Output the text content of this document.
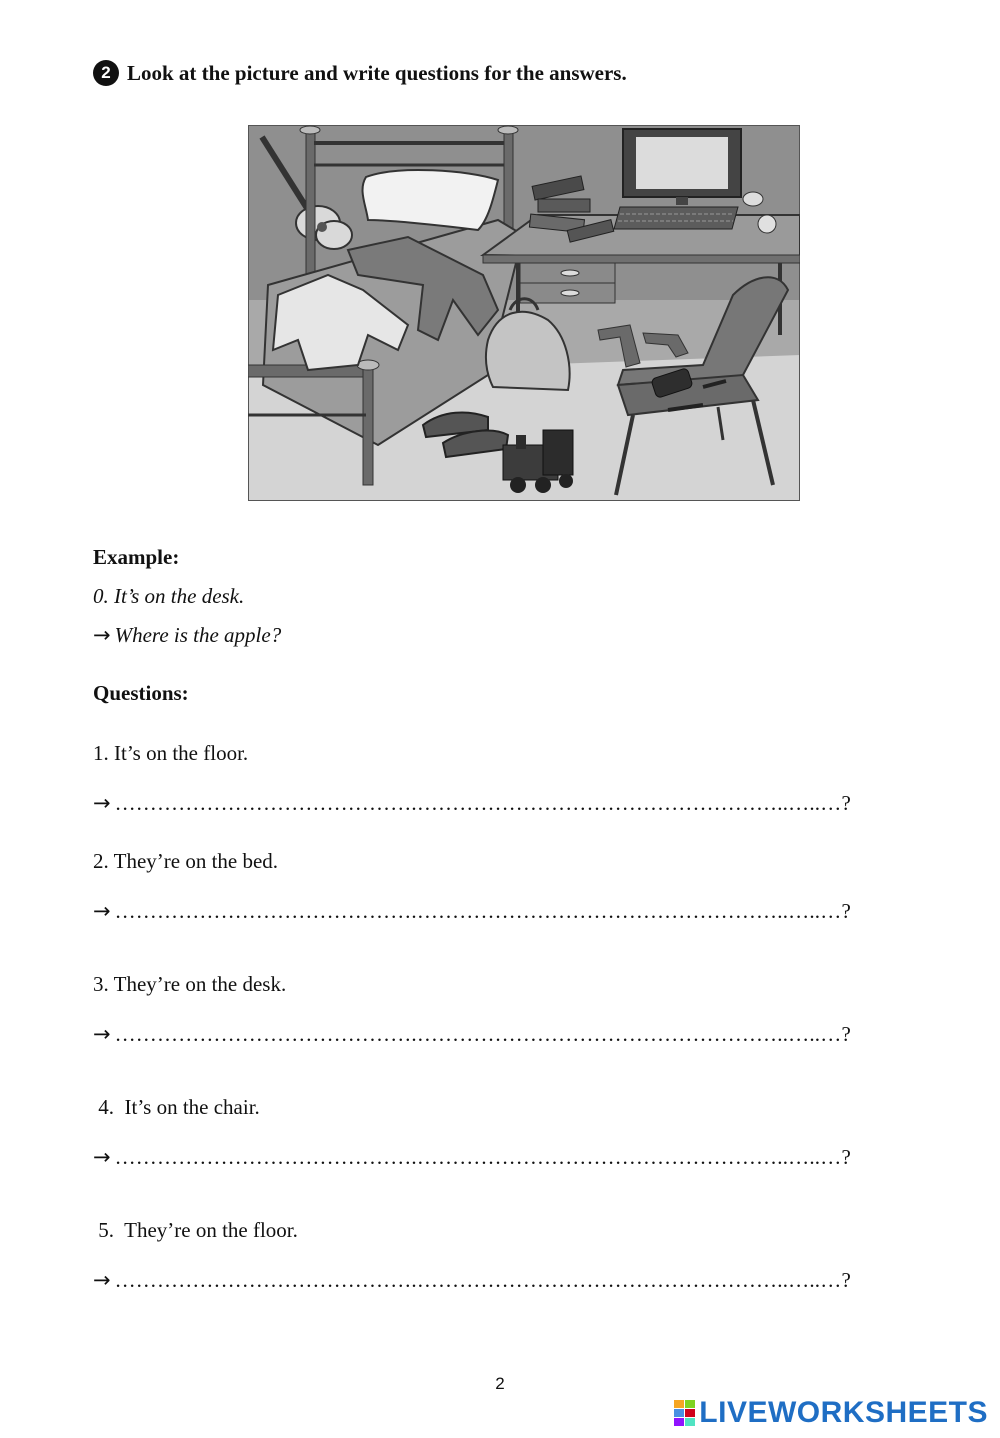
2 Look at the picture and write questions for the answers.
Example:
0. It’s on the desk.
→ Where is the apple?
Questions:
1. It’s on the floor.
→ …………………………………….……………………………………………..…..… ?
2. They’re on the bed.
→ …………………………………….……………………………………………..…..… ?
3. They’re on the desk.
→ …………………………………….……………………………………………..…..… ?
4.  It’s on the chair.
→ …………………………………….……………………………………………..…..… ?
5.  They’re on the floor.
→ …………………………………….……………………………………………..…..… ?
2
LIVEWORKSHEETS
